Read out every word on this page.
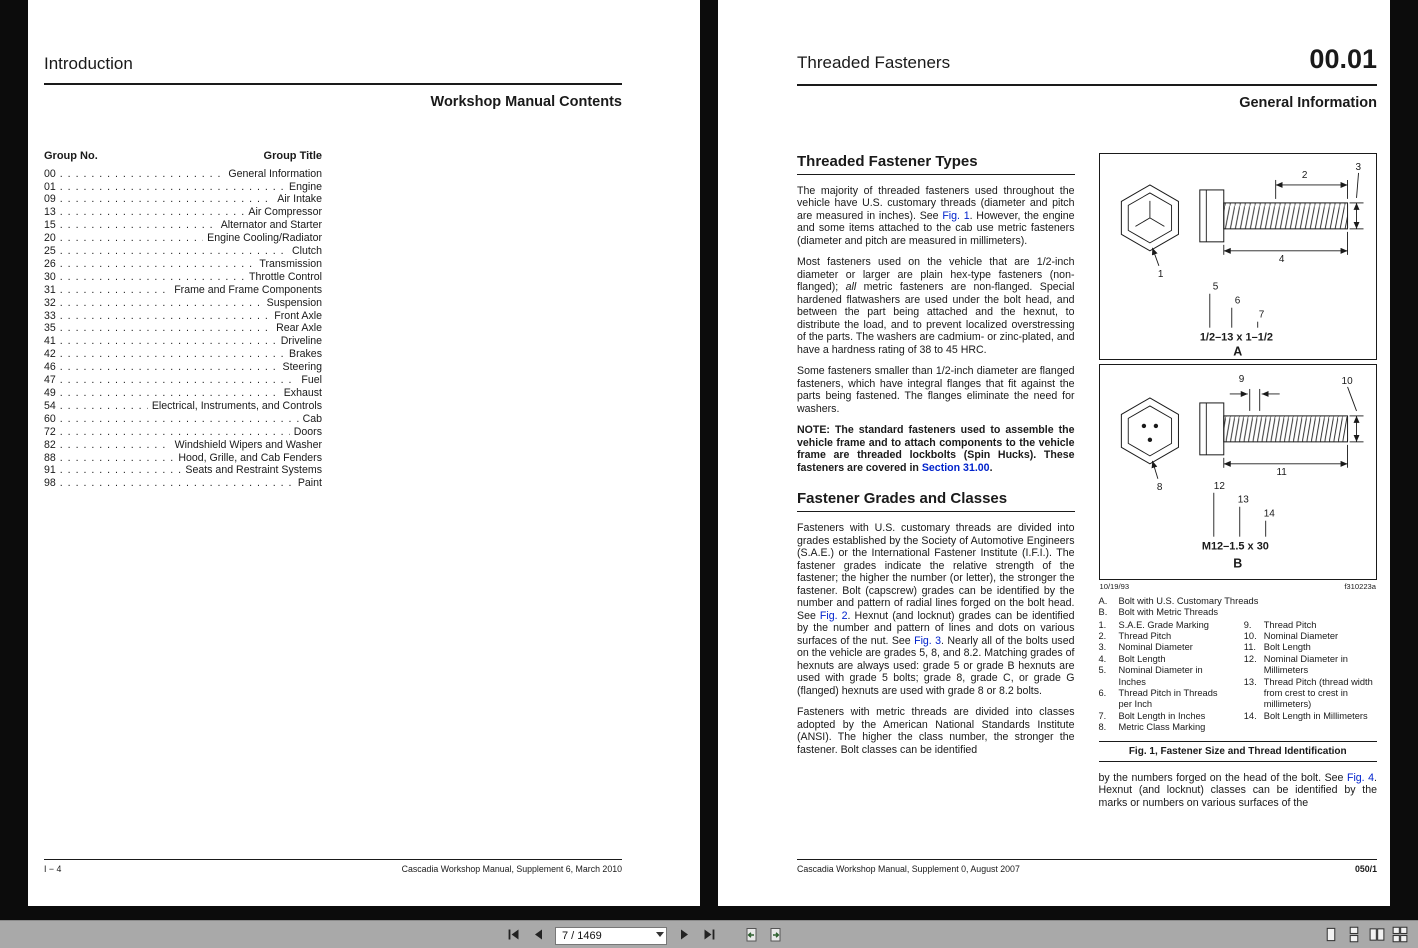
Introduction
Workshop Manual Contents
Group No.	Group Title
00 . . .	General Information
01 . . .	Engine
09 . . .	Air Intake
13 . . .	Air Compressor
15 . . .	Alternator and Starter
20 . . .	Engine Cooling/Radiator
25 . . .	Clutch
26 . . .	Transmission
30 . . .	Throttle Control
31 . . .	Frame and Frame Components
32 . . .	Suspension
33 . . .	Front Axle
35 . . .	Rear Axle
41 . . .	Driveline
42 . . .	Brakes
46 . . .	Steering
47 . . .	Fuel
49 . . .	Exhaust
54 . . .	Electrical, Instruments, and Controls
60 . . .	Cab
72 . . .	Doors
82 . . .	Windshield Wipers and Washer
88 . . .	Hood, Grille, and Cab Fenders
91 . . .	Seats and Restraint Systems
98 . . .	Paint
I − 4	Cascadia Workshop Manual, Supplement 6, March 2010
Threaded Fasteners	00.01
General Information
Threaded Fastener Types

The majority of threaded fasteners used throughout the vehicle have U.S. customary threads (diameter and pitch are measured in inches). See Fig. 1. However, the engine and some items attached to the cab use metric fasteners (diameter and pitch are measured in millimeters).

Most fasteners used on the vehicle that are 1/2-inch diameter or larger are plain hex-type fasteners (non-flanged); all metric fasteners are non-flanged. Special hardened flatwashers are used under the bolt head, and between the part being attached and the hexnut, to distribute the load, and to prevent localized overstressing of the parts. The washers are cadmium- or zinc-plated, and have a hardness rating of 38 to 45 HRC.

Some fasteners smaller than 1/2-inch diameter are flanged fasteners, which have integral flanges that fit against the parts being fastened. The flanges eliminate the need for washers.

NOTE: The standard fasteners used to assemble the vehicle frame and to attach components to the vehicle frame are threaded lockbolts (Spin Hucks). These fasteners are covered in Section 31.00.

Fastener Grades and Classes

Fasteners with U.S. customary threads are divided into grades established by the Society of Automotive Engineers (S.A.E.) or the International Fastener Institute (I.F.I.). The fastener grades indicate the relative strength of the fastener; the higher the number (or letter), the stronger the fastener. Bolt (capscrew) grades can be identified by the number and pattern of radial lines forged on the bolt head. See Fig. 2. Hexnut (and locknut) grades can be identified by the number and pattern of lines and dots on various surfaces of the nut. See Fig. 3. Nearly all of the bolts used on the vehicle are grades 5, 8, and 8.2. Matching grades of hexnuts are always used: grade 5 or grade B hexnuts are used with grade 5 bolts; grade 8, grade C, or grade G (flanged) hexnuts are used with grade 8 or 8.2 bolts.

Fasteners with metric threads are divided into classes adopted by the American National Standards Institute (ANSI). The higher the class number, the stronger the fastener. Bolt classes can be identified

1
2
3
4
5
6
7
1/2–13 x 1–1/2
A
8
9	10
11
12
13
14
M12–1.5 x 30
B
10/19/93	f310223a
A.	Bolt with U.S. Customary Threads
B.	Bolt with Metric Threads
1.	S.A.E. Grade Marking
2.	Thread Pitch
3.	Nominal Diameter
4.	Bolt Length
5.	Nominal Diameter in Inches
6.	Thread Pitch in Threads per Inch
7.	Bolt Length in Inches
8.	Metric Class Marking
9.	Thread Pitch
10. Nominal Diameter
11. Bolt Length
12. Nominal Diameter in Millimeters
13. Thread Pitch (thread width from crest to crest in millimeters)
14. Bolt Length in Millimeters
Fig. 1, Fastener Size and Thread Identification

by the numbers forged on the head of the bolt. See Fig. 4. Hexnut (and locknut) classes can be identified by the marks or numbers on various surfaces of the

Cascadia Workshop Manual, Supplement 0, August 2007	050/1
7 / 1469
